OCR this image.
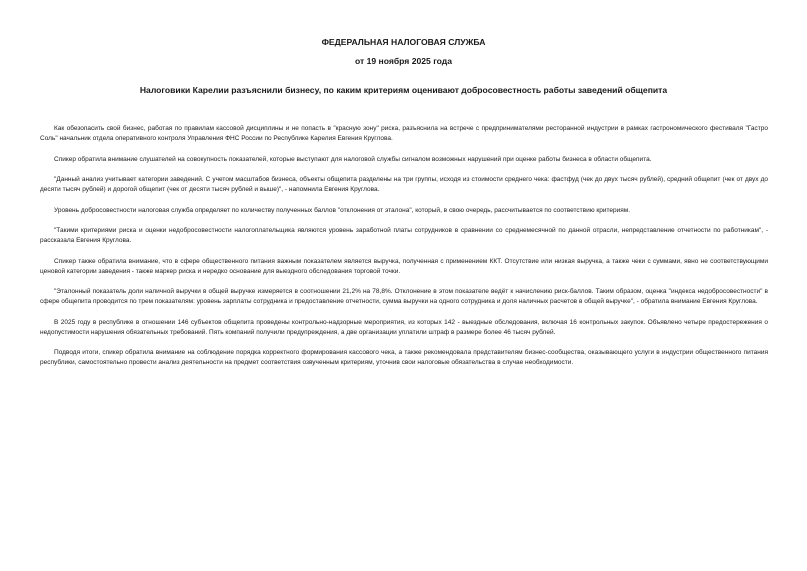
ФЕДЕРАЛЬНАЯ НАЛОГОВАЯ СЛУЖБА
от 19 ноября 2025 года
Налоговики Карелии разъяснили бизнесу, по каким критериям оценивают добросовестность работы заведений общепита

Как обезопасить свой бизнес, работая по правилам кассовой дисциплины и не попасть в "красную зону" риска, разъяснила на встрече с предпринимателями ресторанной индустрии в рамках гастрономического фестиваля "Гастро Соль" начальник отдела оперативного контроля Управления ФНС России по Республике Карелия Евгения Круглова.

Спикер обратила внимание слушателей на совокупность показателей, которые выступают для налоговой службы сигналом возможных нарушений при оценке работы бизнеса в области общепита.

"Данный анализ учитывает категории заведений. С учетом масштабов бизнеса, объекты общепита разделены на три группы, исходя из стоимости среднего чека: фастфуд (чек до двух тысяч рублей), средний общепит (чек от двух до десяти тысяч рублей) и дорогой общепит (чек от десяти тысяч рублей и выше)", - напомнила Евгения Круглова.

Уровень добросовестности налоговая служба определяет по количеству полученных баллов "отклонения от эталона", который, в свою очередь, рассчитывается по соответствию критериям.

"Такими критериями риска и оценки недобросовестности налогоплательщика являются уровень заработной платы сотрудников в сравнении со среднемесячной по данной отрасли, непредставление отчетности по работникам", - рассказала Евгения Круглова.

Спикер также обратила внимание, что в сфере общественного питания важным показателем является выручка, полученная с применением ККТ. Отсутствие или низкая выручка, а также чеки с суммами, явно не соответствующими ценовой категории заведения - также маркер риска и нередко основание для выездного обследования торговой точки.

"Эталонный показатель доли наличной выручки в общей выручке измеряется в соотношении 21,2% на 78,8%. Отклонение в этом показателе ведёт к начислению риск-баллов. Таким образом, оценка "индекса недобросовестности" в сфере общепита проводится по трем показателям: уровень зарплаты сотрудника и предоставление отчетности, сумма выручки на одного сотрудника и доля наличных расчетов в общей выручке", - обратила внимание Евгения Круглова.

В 2025 году в республике в отношении 146 субъектов общепита проведены контрольно-надзорные мероприятия, из которых 142 - выездные обследования, включая 16 контрольных закупок. Объявлено четыре предостережения о недопустимости нарушения обязательных требований. Пять компаний получили предупреждения, а две организации уплатили штраф в размере более 46 тысяч рублей.

Подводя итоги, спикер обратила внимание на соблюдение порядка корректного формирования кассового чека, а также рекомендовала представителям бизнес-сообщества, оказывающего услуги в индустрии общественного питания республики, самостоятельно провести анализ деятельности на предмет соответствия озвученным критериям, уточнив свои налоговые обязательства в случае необходимости.
